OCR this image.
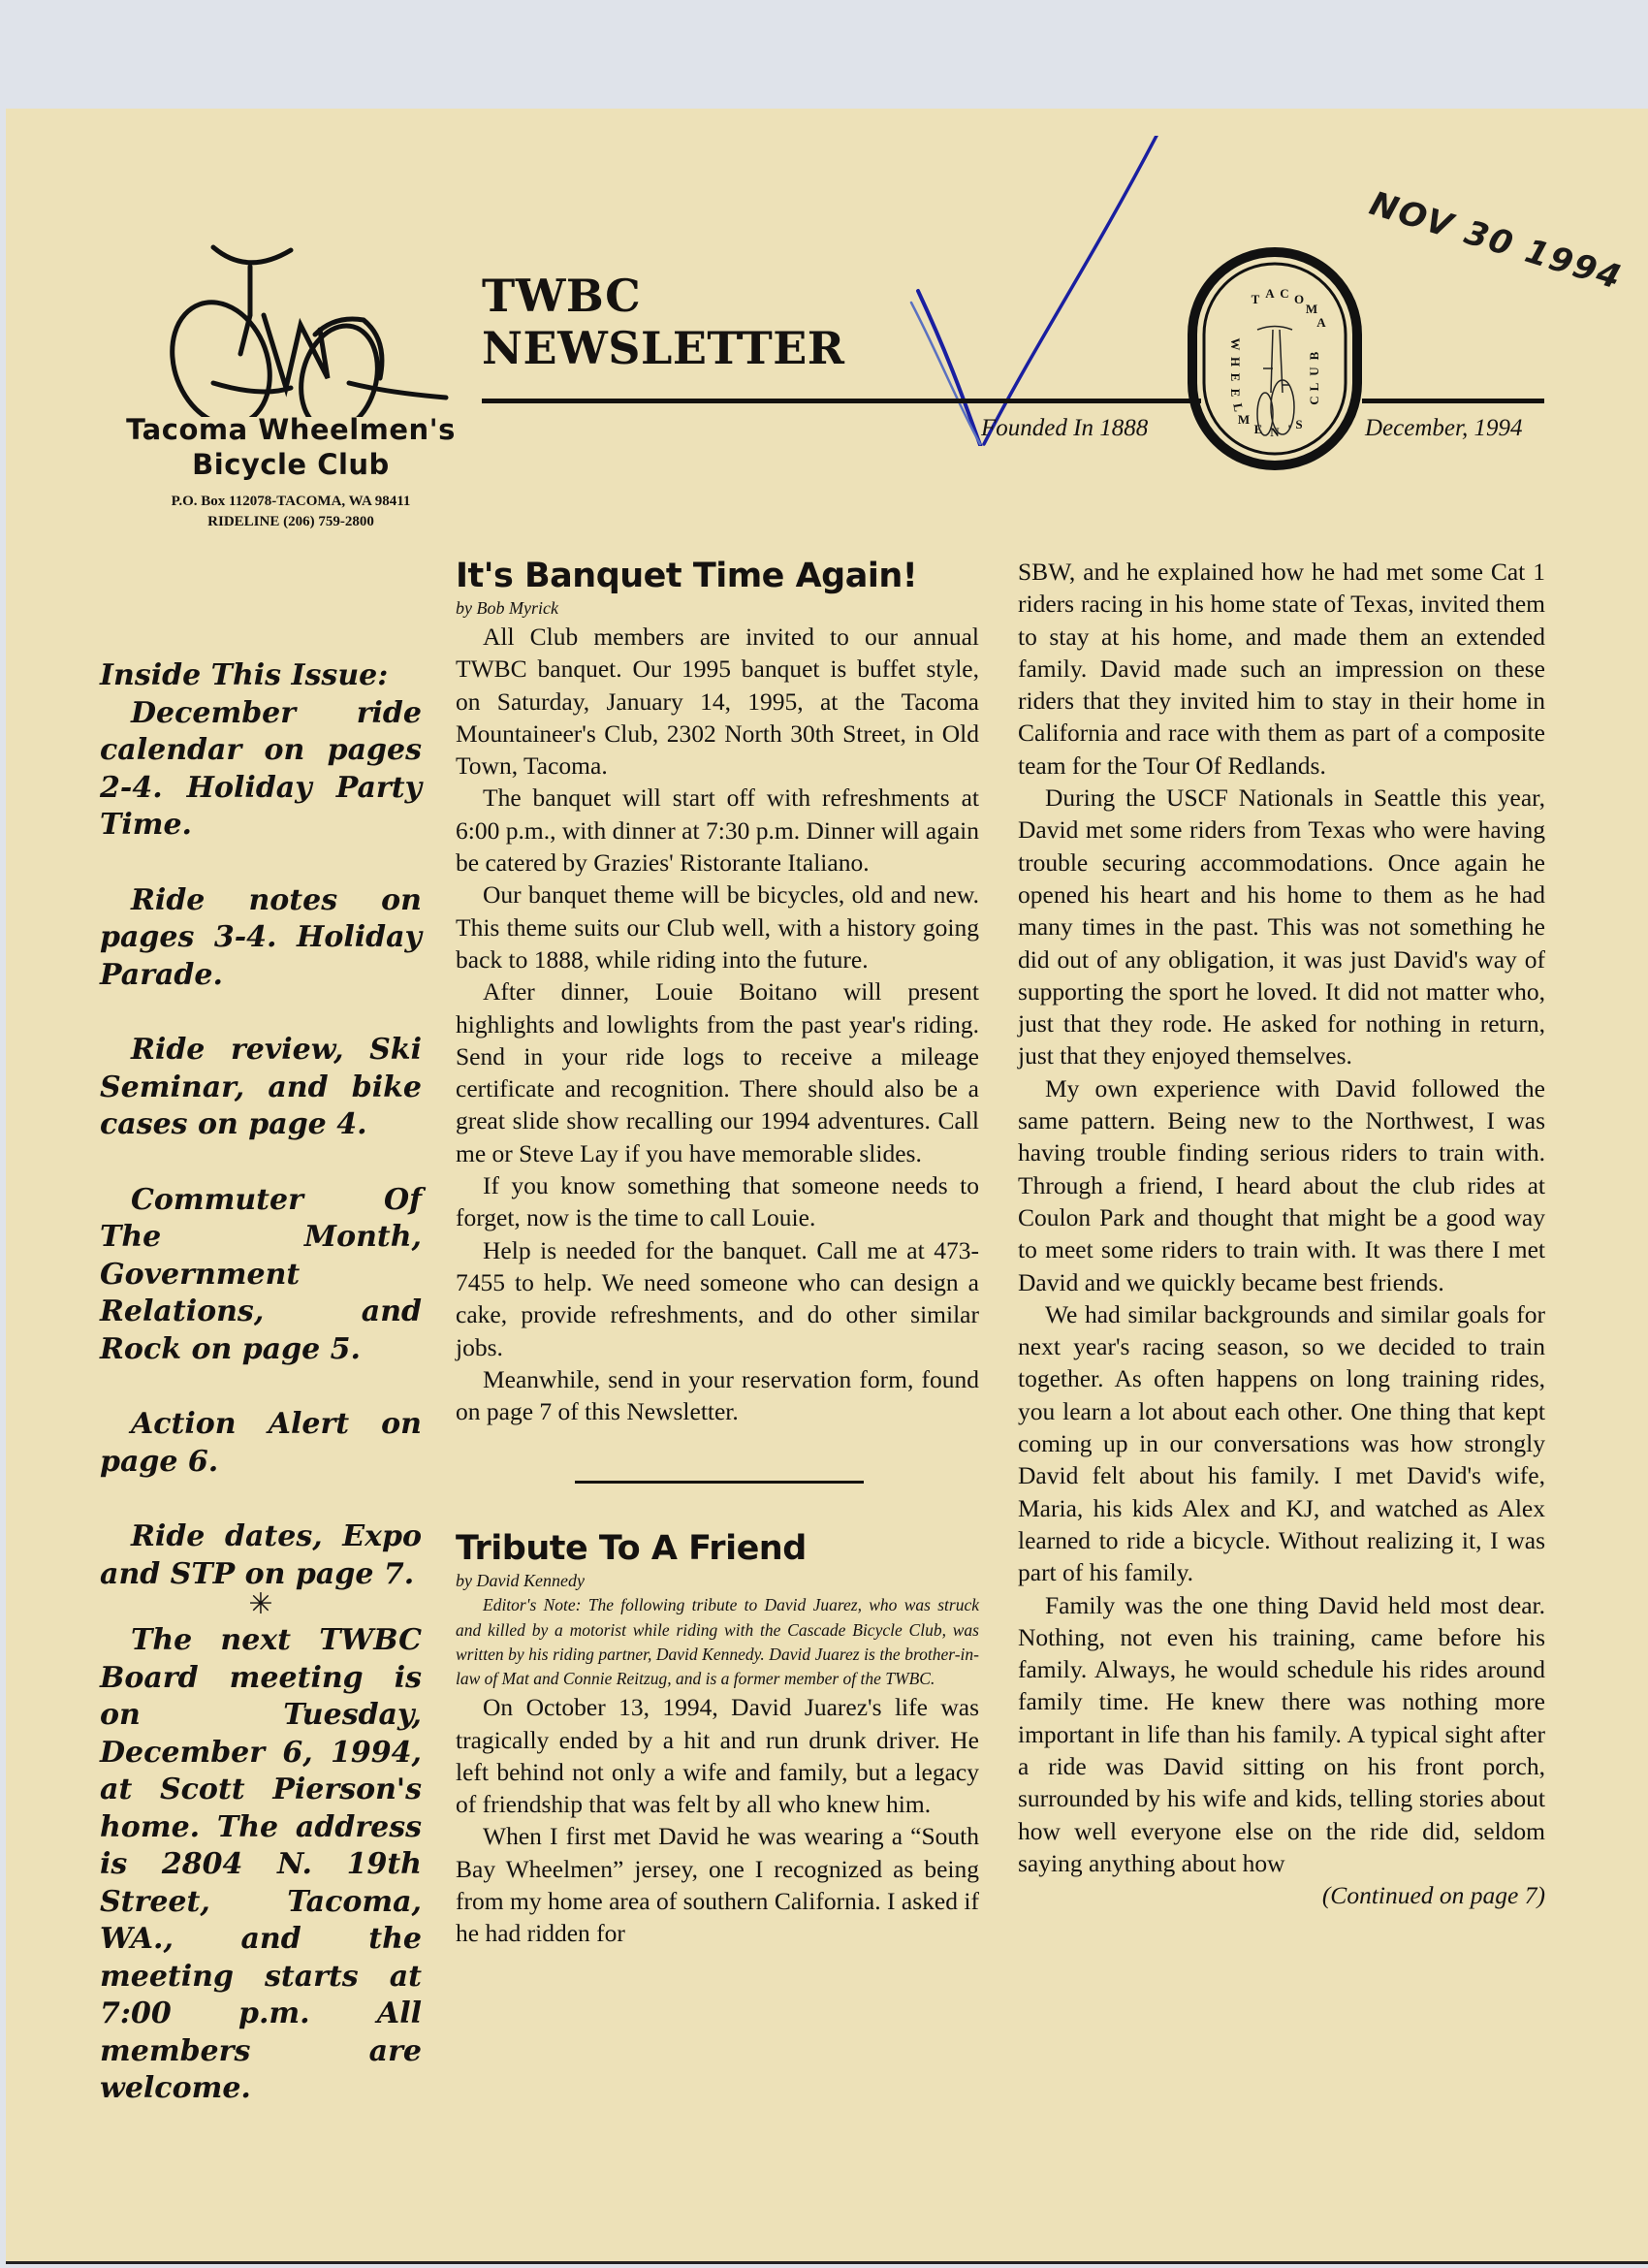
Tacoma Wheelmen's
Bicycle Club
P.O. Box 112078-TACOMA, WA 98411
RIDELINE (206) 759-2800
TWBC
NEWSLETTER
Founded In 1888	December, 1994
T A C O
M
A
W
H
E
E
L
M
E N ' S
B
U
L
C
NOV 30 1994

Inside This Issue:

December ride calendar on pages 2-4. Holiday Party Time.

Ride notes on pages 3-4. Holiday Parade.

Ride review, Ski Seminar, and bike cases on page 4.

Commuter Of The Month, Government Relations, and Rock on page 5.

Action Alert on page 6.

Ride dates, Expo and STP on page 7.

✳

The next TWBC Board meeting is on Tuesday, December 6, 1994, at Scott Pierson's home. The address is 2804 N. 19th Street, Tacoma, WA., and the meeting starts at 7:00 p.m. All members are welcome.

It's Banquet Time Again!
by Bob Myrick

All Club members are invited to our annual TWBC banquet. Our 1995 banquet is buffet style, on Saturday, January 14, 1995, at the Tacoma Mountaineer's Club, 2302 North 30th Street, in Old Town, Tacoma.

The banquet will start off with refreshments at 6:00 p.m., with dinner at 7:30 p.m. Dinner will again be catered by Grazies' Ristorante Italiano.

Our banquet theme will be bicycles, old and new. This theme suits our Club well, with a history going back to 1888, while riding into the future.

After dinner, Louie Boitano will present highlights and lowlights from the past year's riding. Send in your ride logs to receive a mileage certificate and recognition. There should also be a great slide show recalling our 1994 adventures. Call me or Steve Lay if you have memorable slides.

If you know something that someone needs to forget, now is the time to call Louie.

Help is needed for the banquet. Call me at 473-7455 to help. We need someone who can design a cake, provide refreshments, and do other similar jobs.

Meanwhile, send in your reservation form, found on page 7 of this Newsletter.

Tribute To A Friend
by David Kennedy

Editor's Note: The following tribute to David Juarez, who was struck and killed by a motorist while riding with the Cascade Bicycle Club, was written by his riding partner, David Kennedy. David Juarez is the brother-in-law of Mat and Connie Reitzug, and is a former member of the TWBC.

On October 13, 1994, David Juarez's life was tragically ended by a hit and run drunk driver. He left behind not only a wife and family, but a legacy of friendship that was felt by all who knew him.

When I first met David he was wearing a “South Bay Wheelmen” jersey, one I recognized as being from my home area of southern California. I asked if he had ridden for

SBW, and he explained how he had met some Cat 1 riders racing in his home state of Texas, invited them to stay at his home, and made them an extended family. David made such an impression on these riders that they invited him to stay in their home in California and race with them as part of a composite team for the Tour Of Redlands.

During the USCF Nationals in Seattle this year, David met some riders from Texas who were having trouble securing accommodations. Once again he opened his heart and his home to them as he had many times in the past. This was not something he did out of any obligation, it was just David's way of supporting the sport he loved. It did not matter who, just that they rode. He asked for nothing in return, just that they enjoyed themselves.

My own experience with David followed the same pattern. Being new to the Northwest, I was having trouble finding serious riders to train with. Through a friend, I heard about the club rides at Coulon Park and thought that might be a good way to meet some riders to train with. It was there I met David and we quickly became best friends.

We had similar backgrounds and similar goals for next year's racing season, so we decided to train together. As often happens on long training rides, you learn a lot about each other. One thing that kept coming up in our conversations was how strongly David felt about his family. I met David's wife, Maria, his kids Alex and KJ, and watched as Alex learned to ride a bicycle. Without realizing it, I was part of his family.

Family was the one thing David held most dear. Nothing, not even his training, came before his family. Always, he would schedule his rides around family time. He knew there was nothing more important in life than his family. A typical sight after a ride was David sitting on his front porch, surrounded by his wife and kids, telling stories about how well everyone else on the ride did, seldom saying anything about how

(Continued on page 7)
